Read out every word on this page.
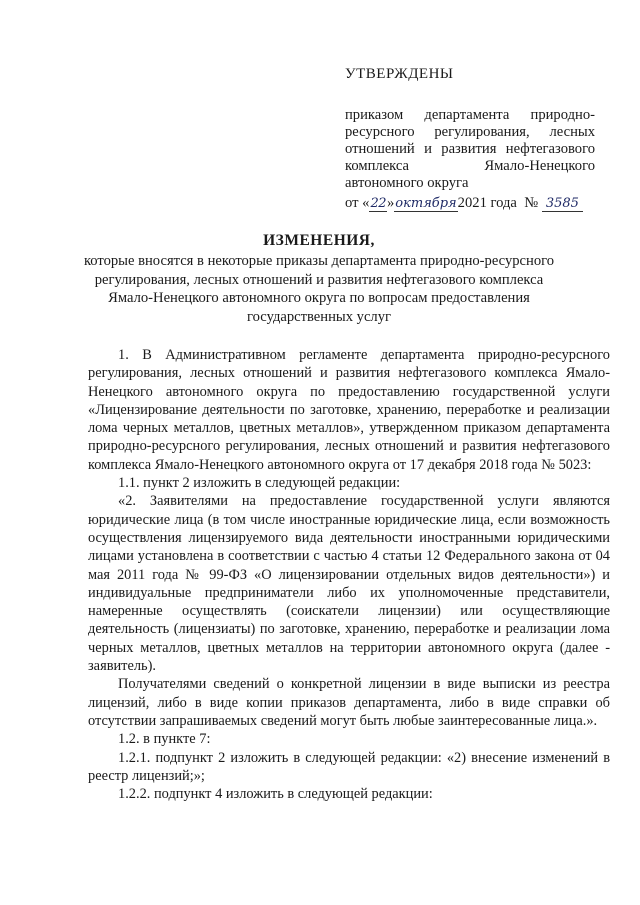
УТВЕРЖДЕНЫ
приказом департамента природно-ресурсного регулирования, лесных отношений и развития нефтегазового комплекса Ямало-Ненецкого автономного округа
от «22»октября2021 года № 3585
ИЗМЕНЕНИЯ,
которые вносятся в некоторые приказы департамента природно-ресурсного регулирования, лесных отношений и развития нефтегазового комплекса Ямало-Ненецкого автономного округа по вопросам предоставления государственных услуг

1. В Административном регламенте департамента природно-ресурсного регулирования, лесных отношений и развития нефтегазового комплекса Ямало-Ненецкого автономного округа по предоставлению государственной услуги «Лицензирование деятельности по заготовке, хранению, переработке и реализации лома черных металлов, цветных металлов», утвержденном приказом департамента природно-ресурсного регулирования, лесных отношений и развития нефтегазового комплекса Ямало-Ненецкого автономного округа от 17 декабря 2018 года № 5023:

1.1. пункт 2 изложить в следующей редакции:

«2. Заявителями на предоставление государственной услуги являются юридические лица (в том числе иностранные юридические лица, если возможность осуществления лицензируемого вида деятельности иностранными юридическими лицами установлена в соответствии с частью 4 статьи 12 Федерального закона от 04 мая 2011 года № 99-ФЗ «О лицензировании отдельных видов деятельности») и индивидуальные предприниматели либо их уполномоченные представители, намеренные осуществлять (соискатели лицензии) или осуществляющие деятельность (лицензиаты) по заготовке, хранению, переработке и реализации лома черных металлов, цветных металлов на территории автономного округа (далее - заявитель).

Получателями сведений о конкретной лицензии в виде выписки из реестра лицензий, либо в виде копии приказов департамента, либо в виде справки об отсутствии запрашиваемых сведений могут быть любые заинтересованные лица.».

1.2. в пункте 7:

1.2.1. подпункт 2 изложить в следующей редакции: «2) внесение изменений в реестр лицензий;»;

1.2.2. подпункт 4 изложить в следующей редакции:
